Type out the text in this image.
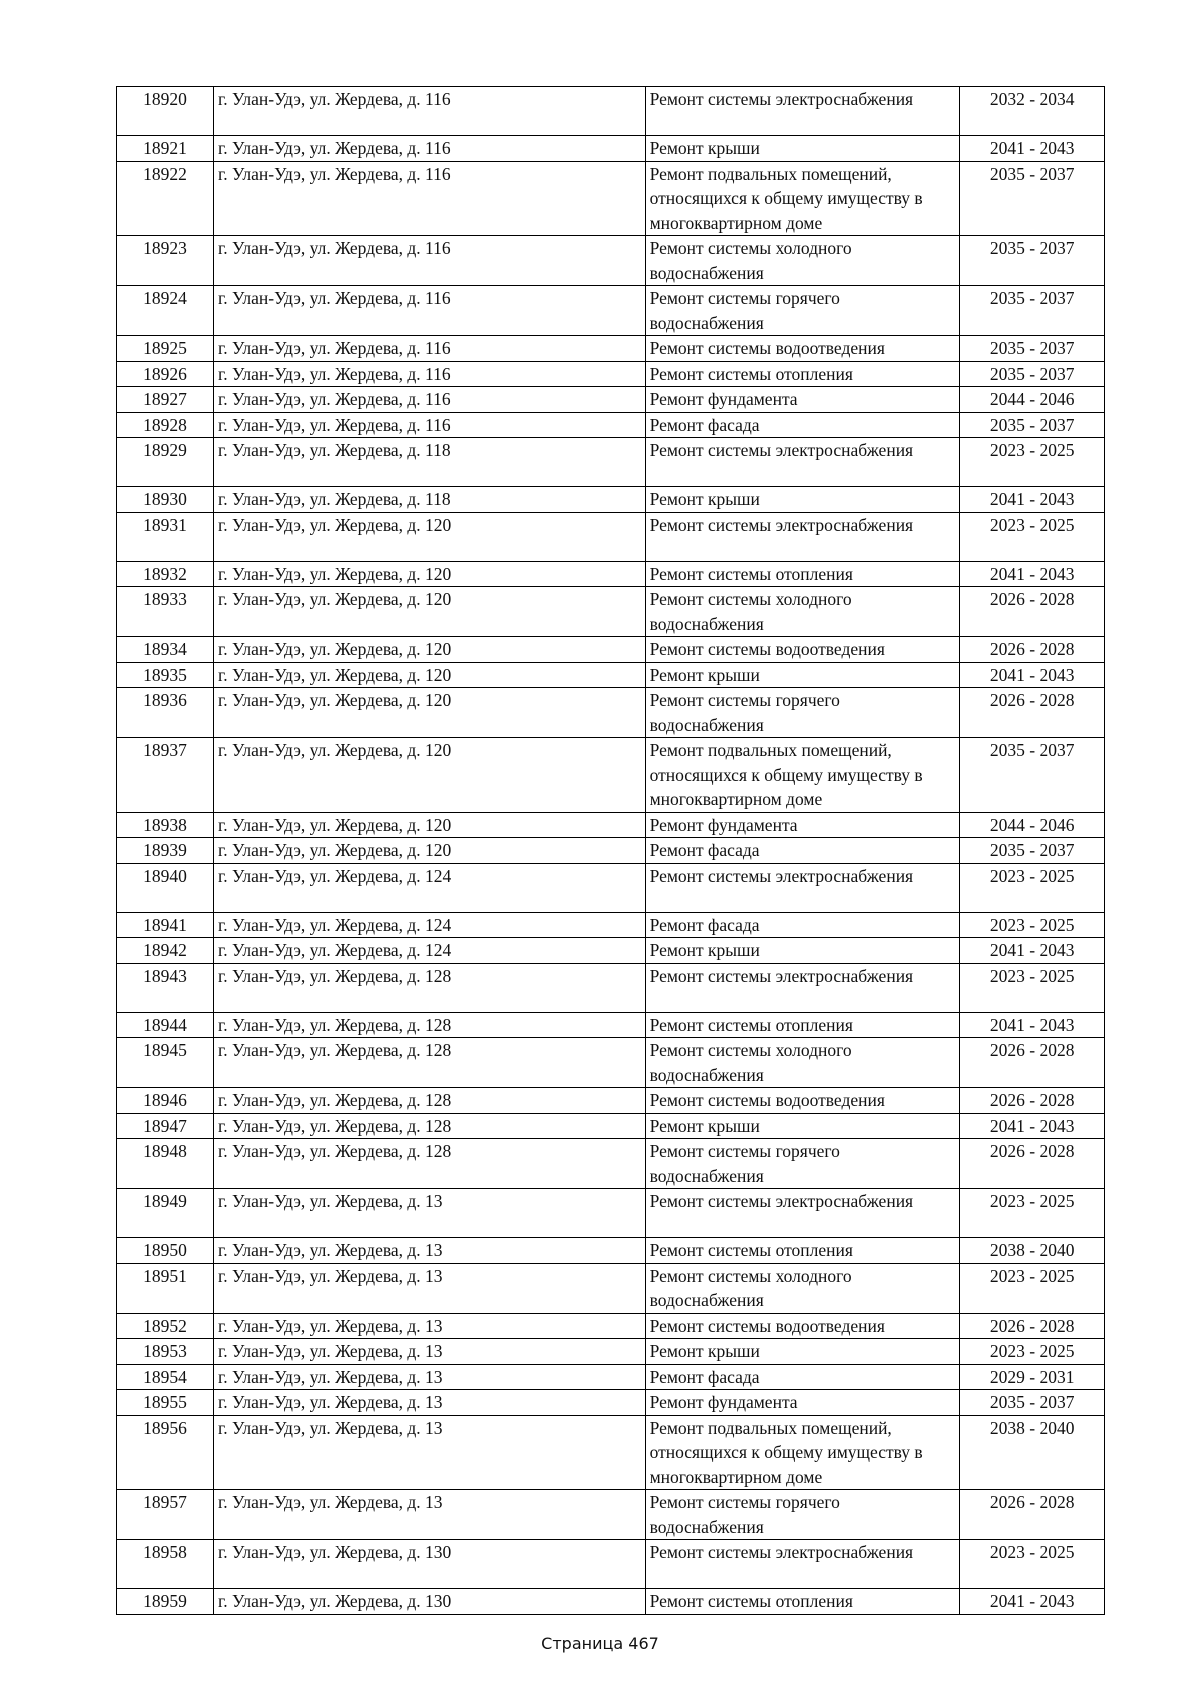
18920	г. Улан-Удэ, ул. Жердева, д. 116	Ремонт системы электроснабжения	2032 - 2034
18921	г. Улан-Удэ, ул. Жердева, д. 116	Ремонт крыши	2041 - 2043
18922	г. Улан-Удэ, ул. Жердева, д. 116	Ремонт подвальных помещений, относящихся к общему имуществу в многоквартирном доме	2035 - 2037
18923	г. Улан-Удэ, ул. Жердева, д. 116	Ремонт системы холодного водоснабжения	2035 - 2037
18924	г. Улан-Удэ, ул. Жердева, д. 116	Ремонт системы горячего водоснабжения	2035 - 2037
18925	г. Улан-Удэ, ул. Жердева, д. 116	Ремонт системы водоотведения	2035 - 2037
18926	г. Улан-Удэ, ул. Жердева, д. 116	Ремонт системы отопления	2035 - 2037
18927	г. Улан-Удэ, ул. Жердева, д. 116	Ремонт фундамента	2044 - 2046
18928	г. Улан-Удэ, ул. Жердева, д. 116	Ремонт фасада	2035 - 2037
18929	г. Улан-Удэ, ул. Жердева, д. 118	Ремонт системы электроснабжения	2023 - 2025
18930	г. Улан-Удэ, ул. Жердева, д. 118	Ремонт крыши	2041 - 2043
18931	г. Улан-Удэ, ул. Жердева, д. 120	Ремонт системы электроснабжения	2023 - 2025
18932	г. Улан-Удэ, ул. Жердева, д. 120	Ремонт системы отопления	2041 - 2043
18933	г. Улан-Удэ, ул. Жердева, д. 120	Ремонт системы холодного водоснабжения	2026 - 2028
18934	г. Улан-Удэ, ул. Жердева, д. 120	Ремонт системы водоотведения	2026 - 2028
18935	г. Улан-Удэ, ул. Жердева, д. 120	Ремонт крыши	2041 - 2043
18936	г. Улан-Удэ, ул. Жердева, д. 120	Ремонт системы горячего водоснабжения	2026 - 2028
18937	г. Улан-Удэ, ул. Жердева, д. 120	Ремонт подвальных помещений, относящихся к общему имуществу в многоквартирном доме	2035 - 2037
18938	г. Улан-Удэ, ул. Жердева, д. 120	Ремонт фундамента	2044 - 2046
18939	г. Улан-Удэ, ул. Жердева, д. 120	Ремонт фасада	2035 - 2037
18940	г. Улан-Удэ, ул. Жердева, д. 124	Ремонт системы электроснабжения	2023 - 2025
18941	г. Улан-Удэ, ул. Жердева, д. 124	Ремонт фасада	2023 - 2025
18942	г. Улан-Удэ, ул. Жердева, д. 124	Ремонт крыши	2041 - 2043
18943	г. Улан-Удэ, ул. Жердева, д. 128	Ремонт системы электроснабжения	2023 - 2025
18944	г. Улан-Удэ, ул. Жердева, д. 128	Ремонт системы отопления	2041 - 2043
18945	г. Улан-Удэ, ул. Жердева, д. 128	Ремонт системы холодного водоснабжения	2026 - 2028
18946	г. Улан-Удэ, ул. Жердева, д. 128	Ремонт системы водоотведения	2026 - 2028
18947	г. Улан-Удэ, ул. Жердева, д. 128	Ремонт крыши	2041 - 2043
18948	г. Улан-Удэ, ул. Жердева, д. 128	Ремонт системы горячего водоснабжения	2026 - 2028
18949	г. Улан-Удэ, ул. Жердева, д. 13	Ремонт системы электроснабжения	2023 - 2025
18950	г. Улан-Удэ, ул. Жердева, д. 13	Ремонт системы отопления	2038 - 2040
18951	г. Улан-Удэ, ул. Жердева, д. 13	Ремонт системы холодного водоснабжения	2023 - 2025
18952	г. Улан-Удэ, ул. Жердева, д. 13	Ремонт системы водоотведения	2026 - 2028
18953	г. Улан-Удэ, ул. Жердева, д. 13	Ремонт крыши	2023 - 2025
18954	г. Улан-Удэ, ул. Жердева, д. 13	Ремонт фасада	2029 - 2031
18955	г. Улан-Удэ, ул. Жердева, д. 13	Ремонт фундамента	2035 - 2037
18956	г. Улан-Удэ, ул. Жердева, д. 13	Ремонт подвальных помещений, относящихся к общему имуществу в многоквартирном доме	2038 - 2040
18957	г. Улан-Удэ, ул. Жердева, д. 13	Ремонт системы горячего водоснабжения	2026 - 2028
18958	г. Улан-Удэ, ул. Жердева, д. 130	Ремонт системы электроснабжения	2023 - 2025
18959	г. Улан-Удэ, ул. Жердева, д. 130	Ремонт системы отопления	2041 - 2043
Страница 467
